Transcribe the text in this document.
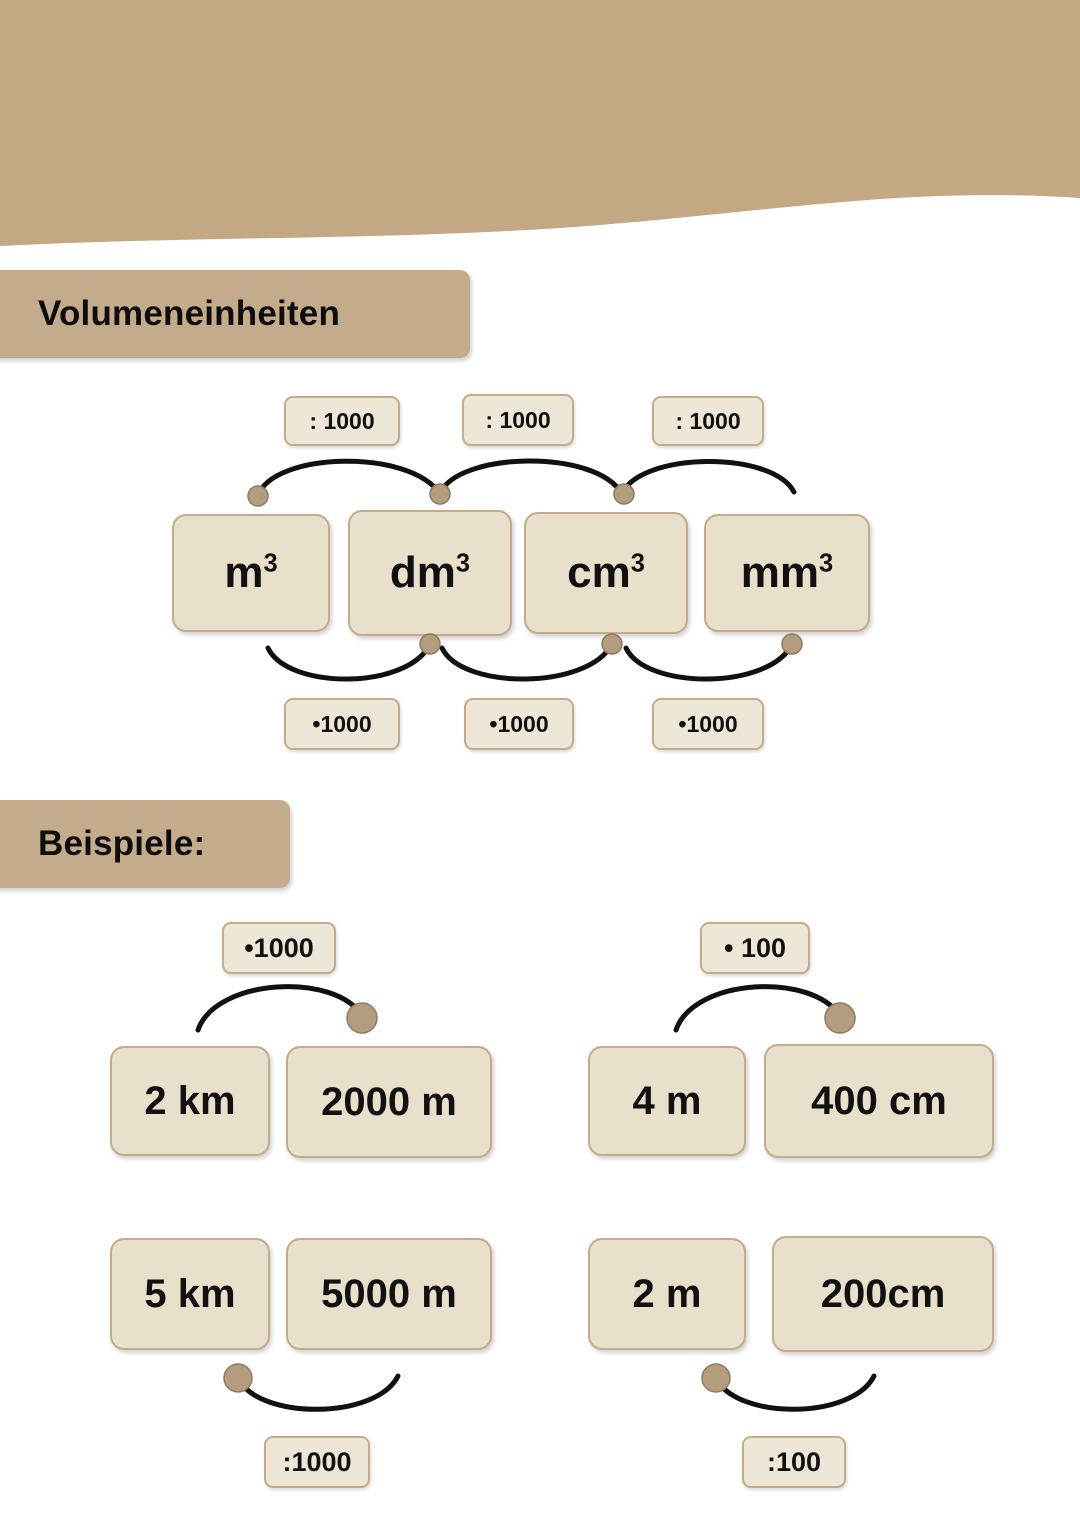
Volumeneinheiten
Beispiele:
$m^3$	$dm^3$ $cm^3$ $mm^3$
: 1000	: 1000	: 1000
•1000	•1000	•1000
2 km 2000 m
•1000
4 m	400 cm
• 100
5 km 5000 m
:1000
2 m	200cm
:100
